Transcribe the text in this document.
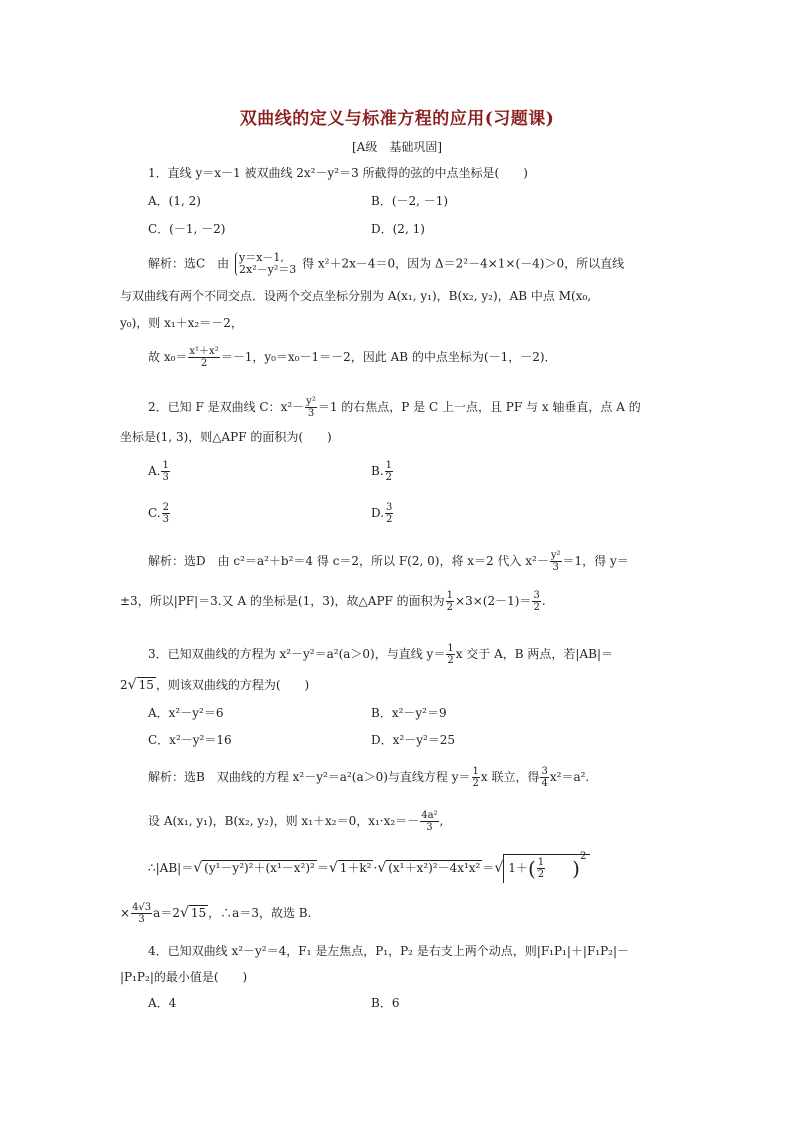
双曲线的定义与标准方程的应用(习题课)
[A级　基础巩固]
1．直线 y＝x－1 被双曲线 2x²－y²＝3 所截得的弦的中点坐标是(　　)
A．(1, 2)	B．(－2, －1)
C．(－1, －2)	D．(2, 1)
解析：选C　由 y＝x－1,
2x²－y²＝3 得 x²＋2x－4＝0，因为 Δ＝2²－4×1×(－4)＞0，所以直线
与双曲线有两个不同交点．设两个交点坐标分别为 A(x₁, y₁)，B(x₂, y₂)，AB 中点 M(x₀,
y₀)，则 x₁＋x₂＝－2，
故 $x_0= \frac{\text{x¹＋x²}}{2} =-1$，y₀＝x₀－1＝－2，因此 AB 的中点坐标为(－1，－2)．
2．已知 F 是双曲线 C：$x^2- \frac{\text{y²}}{3} =1$ 的右焦点，P 是 C 上一点，且 PF 与 x 轴垂直，点 A 的
坐标是(1, 3)，则△APF 的面积为(　　)
A. $\frac{1}{3}$	B. $\frac{1}{2}$
C. $\frac{2}{3}$	D. $\frac{3}{2}$
解析：选D　由 c²＝a²＋b²＝4 得 c＝2，所以 F(2, 0)，将 x＝2 代入 $x^2- \frac{\text{y²}}{3} =1$，得 y＝
±3，所以|PF|＝3.又 A 的坐标是(1，3)，故△APF 的面积为 $\frac{1}{2} \times 3\times(2-1)= \frac{3}{2}$ .
3．已知双曲线的方程为 x²－y²＝a²(a＞0)，与直线 $y= \frac{1}{2}$ x 交于 A，B 两点，若|AB|＝
2√ 15 ，则该双曲线的方程为(　　)
A．x²－y²＝6	B．x²－y²＝9
C．x²－y²＝16	D．x²－y²＝25
解析：选B　双曲线的方程 x²－y²＝a²(a＞0)与直线方程 $y= \frac{1}{2}$ x 联立，得 $\frac{3}{4} x^2=a^2$.
设 A(x₁, y₁)，B(x₂, y₂)，则 x₁＋x₂＝0，$x_1\cdot x_2=- \frac{\text{4a²}}{3}$ ,
∴|AB|＝√ (y¹－y²)²＋(x¹－x²)² ＝√ 1＋k² ·√ (x¹＋x²)²－4x¹x² ＝√ $1+( \frac{1}{2} )^2$
× $\frac{4√3}{3} a=2√$ 15 ，∴a＝3，故选 B.
4．已知双曲线 x²－y²＝4，F₁ 是左焦点，P₁，P₂ 是右支上两个动点，则|F₁P₁|＋|F₁P₂|－
|P₁P₂|的最小值是(　　)
A．4	B．6
